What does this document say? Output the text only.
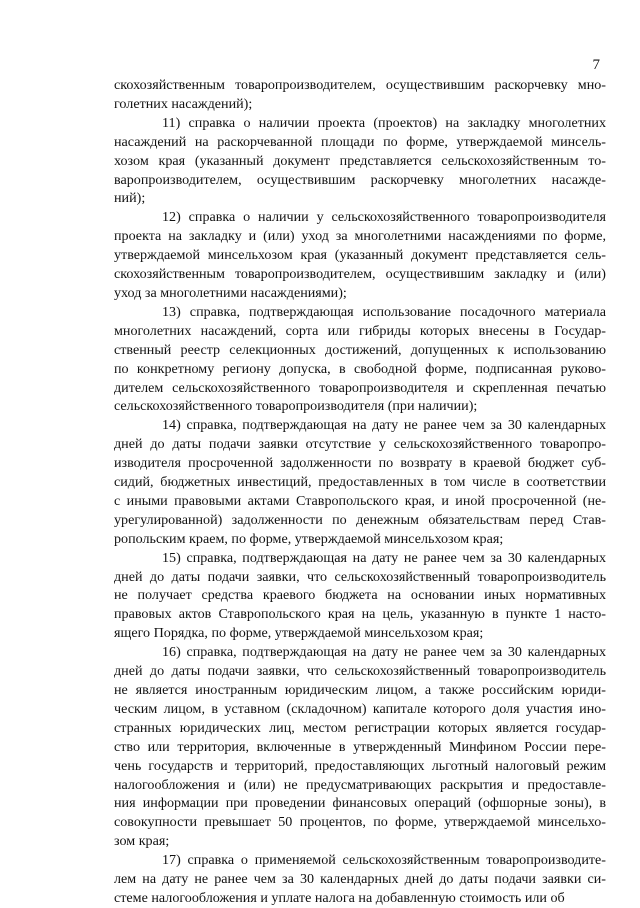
7

скохозяйственным товаропроизводителем, осуществившим раскорчевку мно-
голетних насаждений);

11) справка о наличии проекта (проектов) на закладку многолетних
насаждений на раскорчеванной площади по форме, утверждаемой минсель-
хозом края (указанный документ представляется сельскохозяйственным то-
варопроизводителем, осуществившим раскорчевку многолетних насажде-
ний);

12) справка о наличии у сельскохозяйственного товаропроизводителя
проекта на закладку и (или) уход за многолетними насаждениями по форме,
утверждаемой минсельхозом края (указанный документ представляется сель-
скохозяйственным товаропроизводителем, осуществившим закладку и (или)
уход за многолетними насаждениями);

13) справка, подтверждающая использование посадочного материала
многолетних насаждений, сорта или гибриды которых внесены в Государ-
ственный реестр селекционных достижений, допущенных к использованию
по конкретному региону допуска, в свободной форме, подписанная руково-
дителем сельскохозяйственного товаропроизводителя и скрепленная печатью
сельскохозяйственного товаропроизводителя (при наличии);

14) справка, подтверждающая на дату не ранее чем за 30 календарных
дней до даты подачи заявки отсутствие у сельскохозяйственного товаропро-
изводителя просроченной задолженности по возврату в краевой бюджет суб-
сидий, бюджетных инвестиций, предоставленных в том числе в соответствии
с иными правовыми актами Ставропольского края, и иной просроченной (не-
урегулированной) задолженности по денежным обязательствам перед Став-
ропольским краем, по форме, утверждаемой минсельхозом края;

15) справка, подтверждающая на дату не ранее чем за 30 календарных
дней до даты подачи заявки, что сельскохозяйственный товаропроизводитель
не получает средства краевого бюджета на основании иных нормативных
правовых актов Ставропольского края на цель, указанную в пункте 1 насто-
ящего Порядка, по форме, утверждаемой минсельхозом края;

16) справка, подтверждающая на дату не ранее чем за 30 календарных
дней до даты подачи заявки, что сельскохозяйственный товаропроизводитель
не является иностранным юридическим лицом, а также российским юриди-
ческим лицом, в уставном (складочном) капитале которого доля участия ино-
странных юридических лиц, местом регистрации которых является государ-
ство или территория, включенные в утвержденный Минфином России пере-
чень государств и территорий, предоставляющих льготный налоговый режим
налогообложения и (или) не предусматривающих раскрытия и предоставле-
ния информации при проведении финансовых операций (офшорные зоны), в
совокупности превышает 50 процентов, по форме, утверждаемой минсельхо-
зом края;

17) справка о применяемой сельскохозяйственным товаропроизводите-
лем на дату не ранее чем за 30 календарных дней до даты подачи заявки си-
стеме налогообложения и уплате налога на добавленную стоимость или об
